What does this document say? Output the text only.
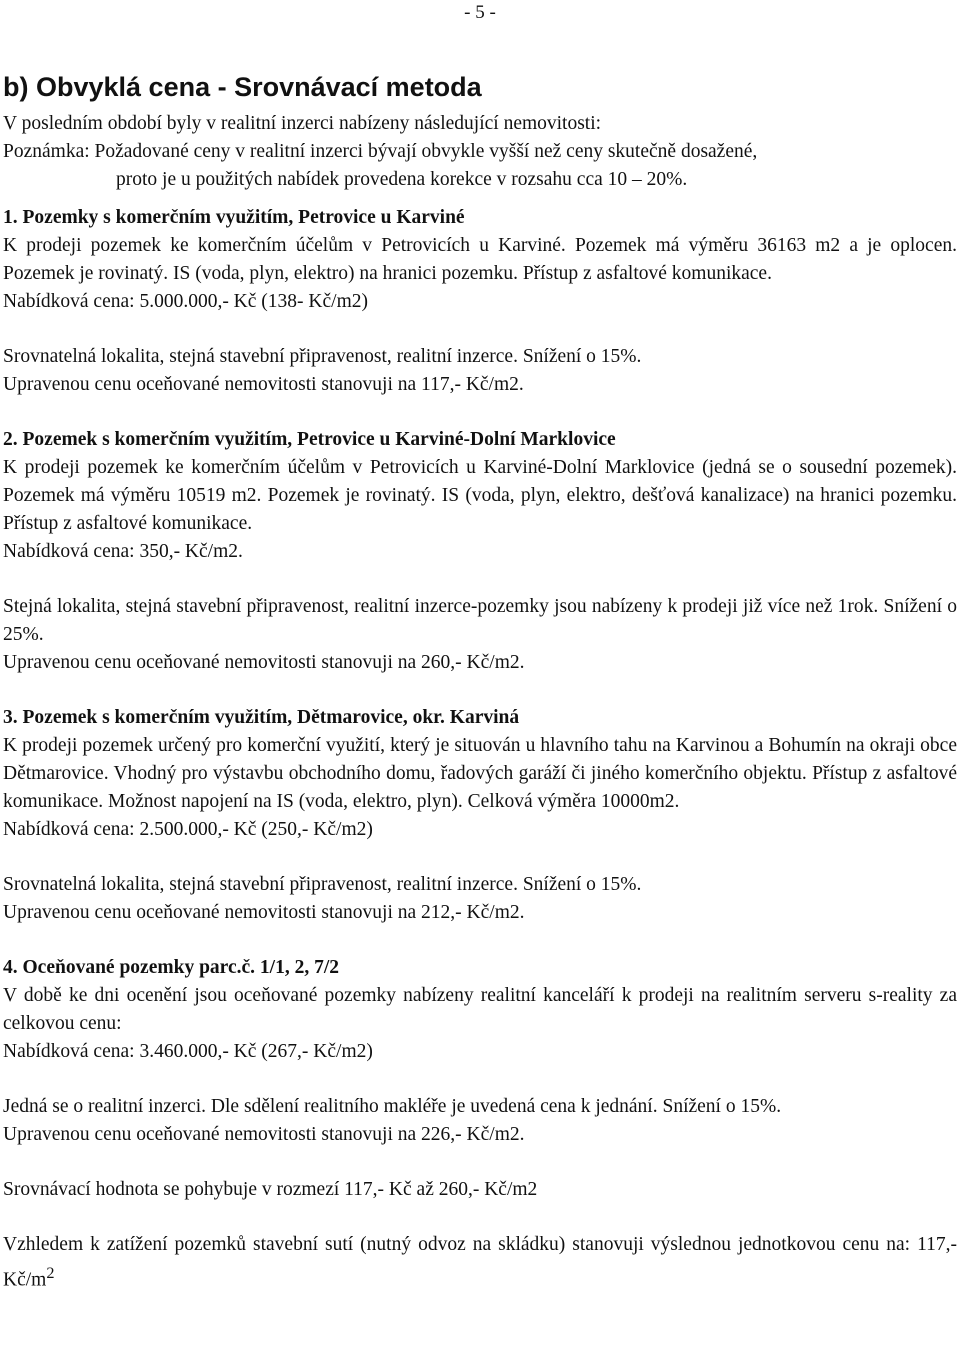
- 5 -
b) Obvyklá cena - Srovnávací metoda

V posledním období byly v realitní inzerci nabízeny následující nemovitosti:

Poznámka: Požadované ceny v realitní inzerci bývají obvykle vyšší než ceny skutečně dosažené,

proto je u použitých nabídek provedena korekce v rozsahu cca 10 – 20%.

1. Pozemky s komerčním využitím, Petrovice u Karviné

K prodeji pozemek ke komerčním účelům v Petrovicích u Karviné. Pozemek má výměru 36163 m2 a je oplocen. Pozemek je rovinatý. IS (voda, plyn, elektro) na hranici pozemku. Přístup z asfaltové komunikace.

Nabídková cena: 5.000.000,- Kč (138- Kč/m2)

Srovnatelná lokalita, stejná stavební připravenost, realitní inzerce. Snížení o 15%.

Upravenou cenu oceňované nemovitosti stanovuji na 117,- Kč/m2.

2. Pozemek s komerčním využitím, Petrovice u Karviné-Dolní Marklovice

K prodeji pozemek ke komerčním účelům v Petrovicích u Karviné-Dolní Marklovice (jedná se o sousední pozemek). Pozemek má výměru 10519 m2. Pozemek je rovinatý. IS (voda, plyn, elektro, dešťová kanalizace) na hranici pozemku. Přístup z asfaltové komunikace.

Nabídková cena: 350,- Kč/m2.

Stejná lokalita, stejná stavební připravenost, realitní inzerce-pozemky jsou nabízeny k prodeji již více než 1rok. Snížení o 25%.

Upravenou cenu oceňované nemovitosti stanovuji na 260,- Kč/m2.

3. Pozemek s komerčním využitím, Dětmarovice, okr. Karviná

K prodeji pozemek určený pro komerční využití, který je situován u hlavního tahu na Karvinou a Bohumín na okraji obce Dětmarovice. Vhodný pro výstavbu obchodního domu, řadových garáží či jiného komerčního objektu. Přístup z asfaltové komunikace. Možnost napojení na IS (voda, elektro, plyn). Celková výměra 10000m2.

Nabídková cena: 2.500.000,- Kč (250,- Kč/m2)

Srovnatelná lokalita, stejná stavební připravenost, realitní inzerce. Snížení o 15%.

Upravenou cenu oceňované nemovitosti stanovuji na 212,- Kč/m2.

4. Oceňované pozemky parc.č. 1/1, 2, 7/2

V době ke dni ocenění jsou oceňované pozemky nabízeny realitní kanceláří k prodeji na realitním serveru s-reality za celkovou cenu:

Nabídková cena: 3.460.000,- Kč (267,- Kč/m2)

Jedná se o realitní inzerci. Dle sdělení realitního makléře je uvedená cena k jednání. Snížení o 15%.

Upravenou cenu oceňované nemovitosti stanovuji na 226,- Kč/m2.

Srovnávací hodnota se pohybuje v rozmezí 117,- Kč až 260,- Kč/m2

Vzhledem k zatížení pozemků stavební sutí (nutný odvoz na skládku) stanovuji výslednou jednotkovou cenu na: 117,- $Kč/m^2$
